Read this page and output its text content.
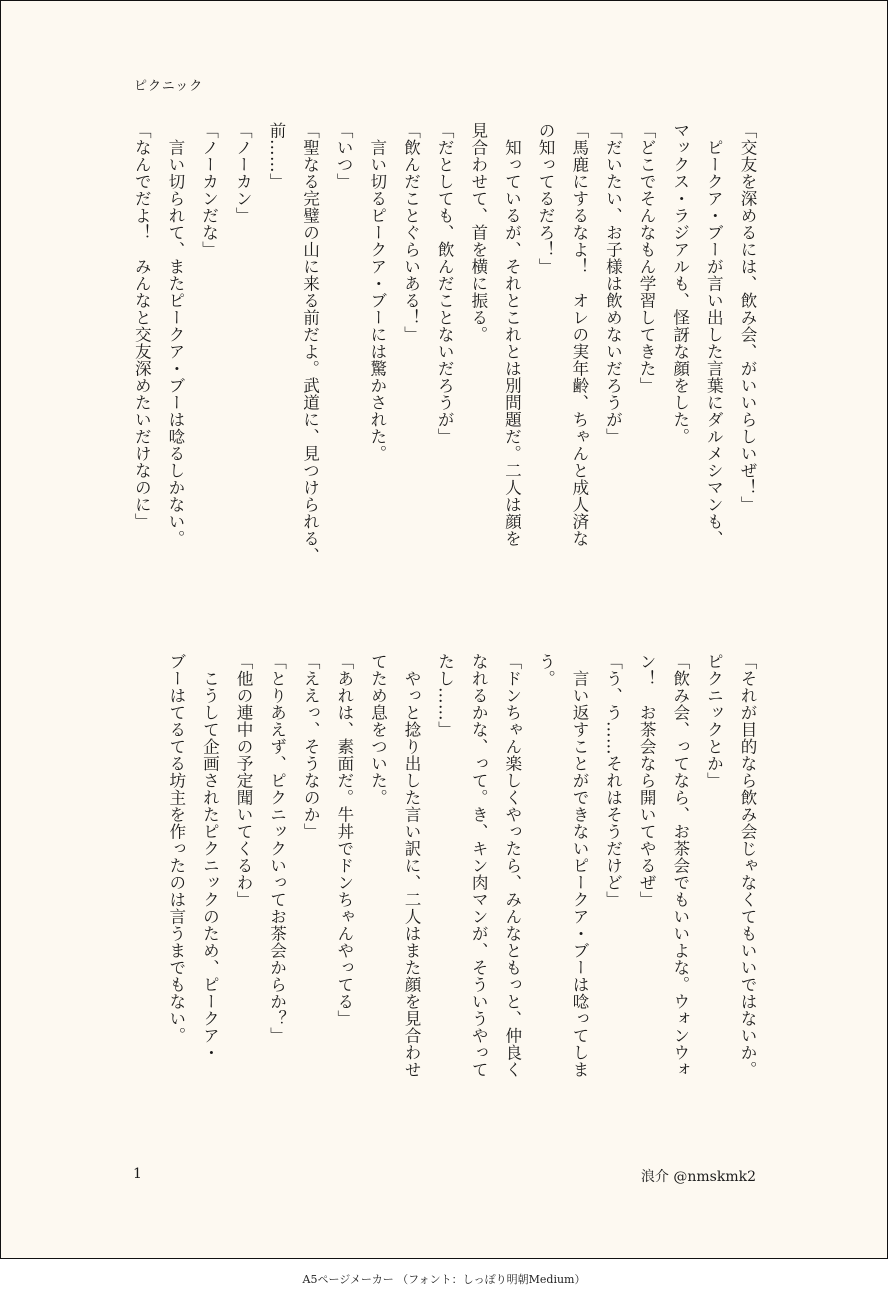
ピクニック
「交友を深めるには、飲み会、がいいらしいぜ！」
　ピークア・ブーが言い出した言葉にダルメシマンも、
マックス・ラジアルも、怪訝な顔をした。
「どこでそんなもん学習してきた」
「だいたい、お子様は飲めないだろうが」
「馬鹿にするなよ！　オレの実年齢、ちゃんと成人済な
の知ってるだろ！」
　知っているが、それとこれとは別問題だ。二人は顔を
見合わせて、首を横に振る。
「だとしても、飲んだことないだろうが」
「飲んだことぐらいある！」
　言い切るピークア・ブーには驚かされた。
「いつ」
「聖なる完璧の山に来る前だよ。武道に、見つけられる、
前……」
「ノーカン」
「ノーカンだな」
　言い切られて、またピークア・ブーは唸るしかない。
「なんでだよ！　みんなと交友深めたいだけなのに」
「それが目的なら飲み会じゃなくてもいいではないか。
ピクニックとか」
「飲み会、ってなら、お茶会でもいいよな。ウォンウォ
ン！　お茶会なら開いてやるぜ」
「う、う……それはそうだけど」
　言い返すことができないピークア・ブーは唸ってしま
う。
「ドンちゃん楽しくやったら、みんなともっと、仲良く
なれるかな、って。き、キン肉マンが、そういうやって
たし……」
　やっと捻り出した言い訳に、二人はまた顔を見合わせ
てため息をついた。
「あれは、素面だ。牛丼でドンちゃんやってる」
「ええっ、そうなのか」
「とりあえず、ピクニックいってお茶会からか？」
「他の連中の予定聞いてくるわ」
　こうして企画されたピクニックのため、ピークア・
ブーはてるてる坊主を作ったのは言うまでもない。
1	浪介 @nmskmk2
A5ページメーカー （フォント：しっぽり明朝Medium）
